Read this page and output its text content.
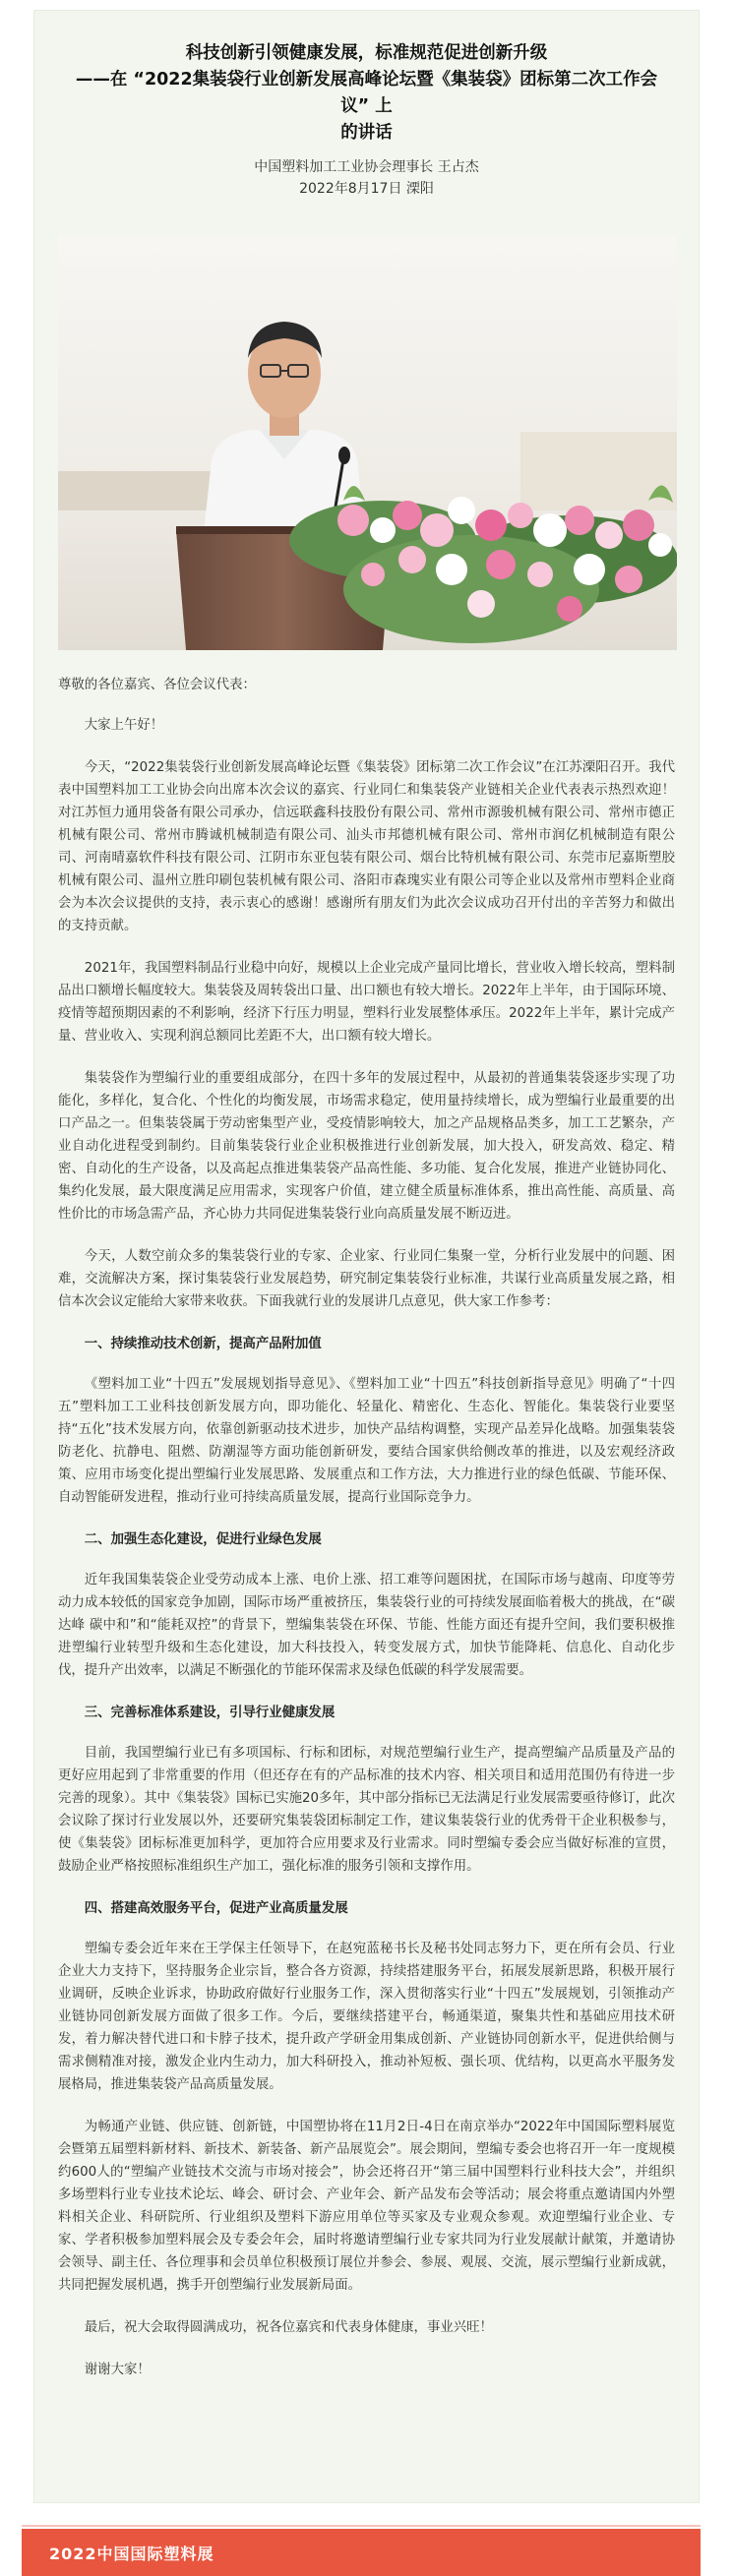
科技创新引领健康发展，标准规范促进创新升级

——在 “2022集装袋行业创新发展高峰论坛暨《集装袋》团标第二次工作会议” 上

的讲话

中国塑料加工工业协会理事长 王占杰

2022年8月17日 溧阳

尊敬的各位嘉宾、各位会议代表：

大家上午好！

今天，“2022集装袋行业创新发展高峰论坛暨《集装袋》团标第二次工作会议”在江苏溧阳召开。我代表中国塑料加工工业协会向出席本次会议的嘉宾、行业同仁和集装袋产业链相关企业代表表示热烈欢迎！对江苏恒力通用袋备有限公司承办，信远联鑫科技股份有限公司、常州市源骏机械有限公司、常州市德正机械有限公司、常州市腾诚机械制造有限公司、汕头市邦德机械有限公司、常州市润亿机械制造有限公司、河南晴嘉软件科技有限公司、江阴市东亚包装有限公司、烟台比特机械有限公司、东莞市尼嘉斯塑胶机械有限公司、温州立胜印刷包装机械有限公司、洛阳市森瑰实业有限公司等企业以及常州市塑料企业商会为本次会议提供的支持，表示衷心的感谢！感谢所有朋友们为此次会议成功召开付出的辛苦努力和做出的支持贡献。

2021年，我国塑料制品行业稳中向好，规模以上企业完成产量同比增长，营业收入增长较高，塑料制品出口额增长幅度较大。集装袋及周转袋出口量、出口额也有较大增长。2022年上半年，由于国际环境、疫情等超预期因素的不利影响，经济下行压力明显，塑料行业发展整体承压。2022年上半年，累计完成产量、营业收入、实现利润总额同比差距不大，出口额有较大增长。

集装袋作为塑编行业的重要组成部分，在四十多年的发展过程中，从最初的普通集装袋逐步实现了功能化，多样化，复合化、个性化的均衡发展，市场需求稳定，使用量持续增长，成为塑编行业最重要的出口产品之一。但集装袋属于劳动密集型产业，受疫情影响较大，加之产品规格品类多，加工工艺繁杂，产业自动化进程受到制约。目前集装袋行业企业积极推进行业创新发展，加大投入，研发高效、稳定、精密、自动化的生产设备，以及高起点推进集装袋产品高性能、多功能、复合化发展，推进产业链协同化、集约化发展，最大限度满足应用需求，实现客户价值，建立健全质量标准体系，推出高性能、高质量、高性价比的市场急需产品，齐心协力共同促进集装袋行业向高质量发展不断迈进。

今天，人数空前众多的集装袋行业的专家、企业家、行业同仁集聚一堂，分析行业发展中的问题、困难，交流解决方案，探讨集装袋行业发展趋势，研究制定集装袋行业标准，共谋行业高质量发展之路，相信本次会议定能给大家带来收获。下面我就行业的发展讲几点意见，供大家工作参考：

一、持续推动技术创新，提高产品附加值

《塑料加工业“十四五”发展规划指导意见》、《塑料加工业“十四五”科技创新指导意见》明确了“十四五”塑料加工工业科技创新发展方向，即功能化、轻量化、精密化、生态化、智能化。集装袋行业要坚持“五化”技术发展方向，依靠创新驱动技术进步，加快产品结构调整，实现产品差异化战略。加强集装袋防老化、抗静电、阻燃、防潮湿等方面功能创新研发，要结合国家供给侧改革的推进，以及宏观经济政策、应用市场变化提出塑编行业发展思路、发展重点和工作方法，大力推进行业的绿色低碳、节能环保、自动智能研发进程，推动行业可持续高质量发展，提高行业国际竞争力。

二、加强生态化建设，促进行业绿色发展

近年我国集装袋企业受劳动成本上涨、电价上涨、招工难等问题困扰，在国际市场与越南、印度等劳动力成本较低的国家竞争加剧，国际市场严重被挤压，集装袋行业的可持续发展面临着极大的挑战，在“碳达峰 碳中和”和“能耗双控”的背景下，塑编集装袋在环保、节能、性能方面还有提升空间，我们要积极推进塑编行业转型升级和生态化建设，加大科技投入，转变发展方式，加快节能降耗、信息化、自动化步伐，提升产出效率，以满足不断强化的节能环保需求及绿色低碳的科学发展需要。

三、完善标准体系建设，引导行业健康发展

目前，我国塑编行业已有多项国标、行标和团标，对规范塑编行业生产，提高塑编产品质量及产品的更好应用起到了非常重要的作用（但还存在有的产品标准的技术内容、相关项目和适用范围仍有待进一步完善的现象）。其中《集装袋》国标已实施20多年，其中部分指标已无法满足行业发展需要亟待修订，此次会议除了探讨行业发展以外，还要研究集装袋团标制定工作，建议集装袋行业的优秀骨干企业积极参与，使《集装袋》团标标准更加科学，更加符合应用要求及行业需求。同时塑编专委会应当做好标准的宣贯，鼓励企业严格按照标准组织生产加工，强化标准的服务引领和支撑作用。

四、搭建高效服务平台，促进产业高质量发展

塑编专委会近年来在王学保主任领导下，在赵宛蓝秘书长及秘书处同志努力下，更在所有会员、行业企业大力支持下，坚持服务企业宗旨，整合各方资源，持续搭建服务平台，拓展发展新思路，积极开展行业调研，反映企业诉求，协助政府做好行业服务工作，深入贯彻落实行业“十四五”发展规划，引领推动产业链协同创新发展方面做了很多工作。今后，要继续搭建平台，畅通渠道，聚集共性和基础应用技术研发，着力解决替代进口和卡脖子技术，提升政产学研金用集成创新、产业链协同创新水平，促进供给侧与需求侧精准对接，激发企业内生动力，加大科研投入，推动补短板、强长项、优结构，以更高水平服务发展格局，推进集装袋产品高质量发展。

为畅通产业链、供应链、创新链，中国塑协将在11月2日-4日在南京举办“2022年中国国际塑料展览会暨第五届塑料新材料、新技术、新装备、新产品展览会”。展会期间，塑编专委会也将召开一年一度规模约600人的“塑编产业链技术交流与市场对接会”，协会还将召开“第三届中国塑料行业科技大会”，并组织多场塑料行业专业技术论坛、峰会、研讨会、产业年会、新产品发布会等活动；展会将重点邀请国内外塑料相关企业、科研院所、行业组织及塑料下游应用单位等买家及专业观众参观。欢迎塑编行业企业、专家、学者积极参加塑料展会及专委会年会，届时将邀请塑编行业专家共同为行业发展献计献策，并邀请协会领导、副主任、各位理事和会员单位积极预订展位并参会、参展、观展、交流，展示塑编行业新成就，共同把握发展机遇，携手开创塑编行业发展新局面。

最后，祝大会取得圆满成功，祝各位嘉宾和代表身体健康，事业兴旺！

谢谢大家！

2022中国国际塑料展
